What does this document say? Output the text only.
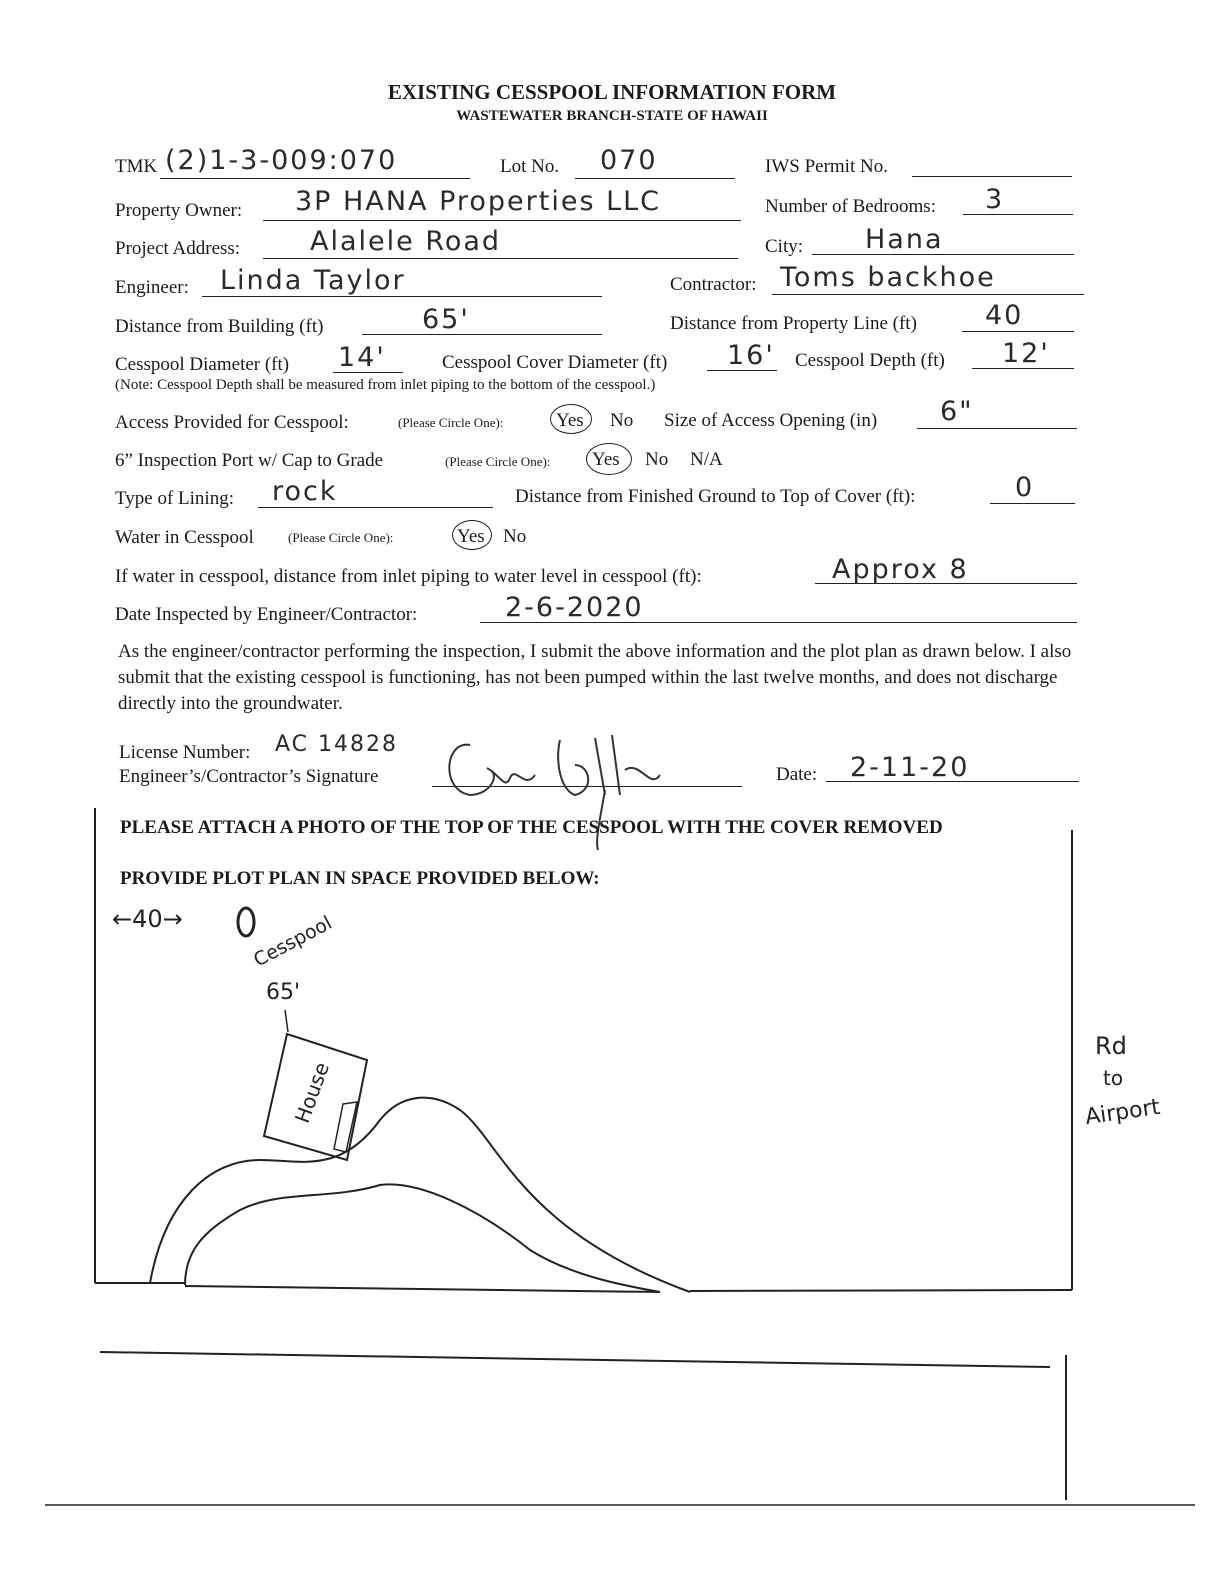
EXISTING CESSPOOL INFORMATION FORM
WASTEWATER BRANCH-STATE OF HAWAII
TMK (2)1-3-009:070	Lot No. 070	IWS Permit No.
Property Owner: 3P HANA Properties LLC	Number of Bedrooms: 3
Project Address:	Alalele Road	City: Hana
Engineer: Linda Taylor	Contractor: Toms backhoe
Distance from Building (ft)	65'	Distance from Property Line (ft)	40
Cesspool Diameter (ft) 14'	Cesspool Cover Diameter (ft) 16' Cesspool Depth (ft) 12'
(Note: Cesspool Depth shall be measured from inlet piping to the bottom of the cesspool.)
Access Provided for Cesspool:	(Please Circle One):	Yes No Size of Access Opening (in) 6"
6” Inspection Port w/ Cap to Grade	(Please Circle One): Yes No N/A
Type of Lining: rock	Distance from Finished Ground to Top of Cover (ft):	0
Water in Cesspool	(Please Circle One):	Yes No
If water in cesspool, distance from inlet piping to water level in cesspool (ft):	Approx 8
Date Inspected by Engineer/Contractor:	2-6-2020
As the engineer/contractor performing the inspection, I submit the above information and the plot plan as drawn below. I also submit that the existing cesspool is functioning, has not been pumped within the last twelve months, and does not discharge directly into the groundwater.
License Number: AC 14828
Engineer’s/Contractor’s Signature	Date: 2-11-20
PLEASE ATTACH A PHOTO OF THE TOP OF THE CESSPOOL WITH THE COVER REMOVED
PROVIDE PLOT PLAN IN SPACE PROVIDED BELOW:
←40→	Cesspool
65'
House
Rd
to
Airport
